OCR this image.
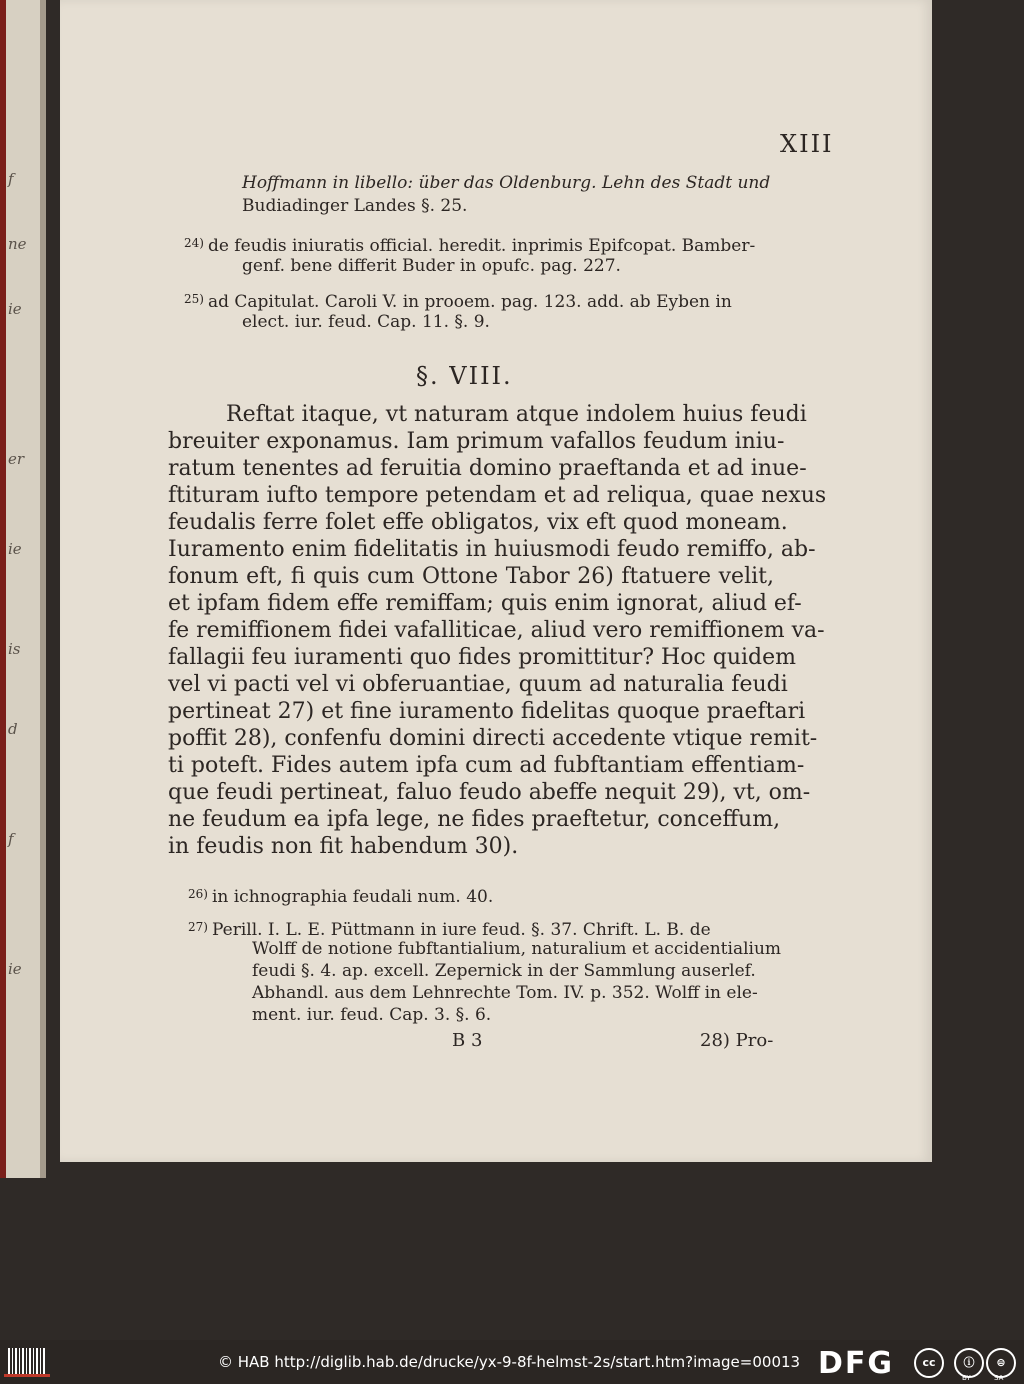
f
ne
ie
er
ie
is
d
f
ie
XIII
Hoffmann in libello: über das Oldenburg. Lehn des Stadt und
Budiadinger Landes §. 25.
$^{24)}$ de feudis iniuratis official. heredit. inprimis Epifcopat. Bamber-
genf. bene differit Buder in opufc. pag. 227.
$^{25)}$ ad Capitulat. Caroli V. in prooem. pag. 123. add. ab Eyben in
elect. iur. feud. Cap. 11. §. 9.
§. VIII.
Reftat itaque, vt naturam atque indolem huius feudi
breuiter exponamus. Iam primum vafallos feudum iniu-
ratum tenentes ad feruitia domino praeftanda et ad inue-
ftituram iufto tempore petendam et ad reliqua, quae nexus
feudalis ferre folet effe obligatos, vix eft quod moneam.
Iuramento enim fidelitatis in huiusmodi feudo remiffo, ab-
fonum eft, fi quis cum Ottone Tabor 26) ftatuere velit,
et ipfam fidem effe remiffam; quis enim ignorat, aliud ef-
fe remiffionem fidei vafalliticae, aliud vero remiffionem va-
fallagii feu iuramenti quo fides promittitur? Hoc quidem
vel vi pacti vel vi obferuantiae, quum ad naturalia feudi
pertineat 27) et fine iuramento fidelitas quoque praeftari
poffit 28), confenfu domini directi accedente vtique remit-
ti poteft. Fides autem ipfa cum ad fubftantiam effentiam-
que feudi pertineat, faluo feudo abeffe nequit 29), vt, om-
ne feudum ea ipfa lege, ne fides praeftetur, conceffum,
in feudis non fit habendum 30).
$^{26)}$ in ichnographia feudali num. 40.
$^{27)}$ Perill. I. L. E. Püttmann in iure feud. §. 37. Chrift. L. B. de
Wolff de notione fubftantialium, naturalium et accidentialium
feudi §. 4. ap. excell. Zepernick in der Sammlung auserlef.
Abhandl. aus dem Lehnrechte Tom. IV. p. 352. Wolff in ele-
ment. iur. feud. Cap. 3. §. 6.
B 3	28) Pro-
© HAB http://diglib.hab.de/drucke/yx-9-8f-helmst-2s/start.htm?image=00013 DFG	cc	ⓘ
BY
⊜
SA
